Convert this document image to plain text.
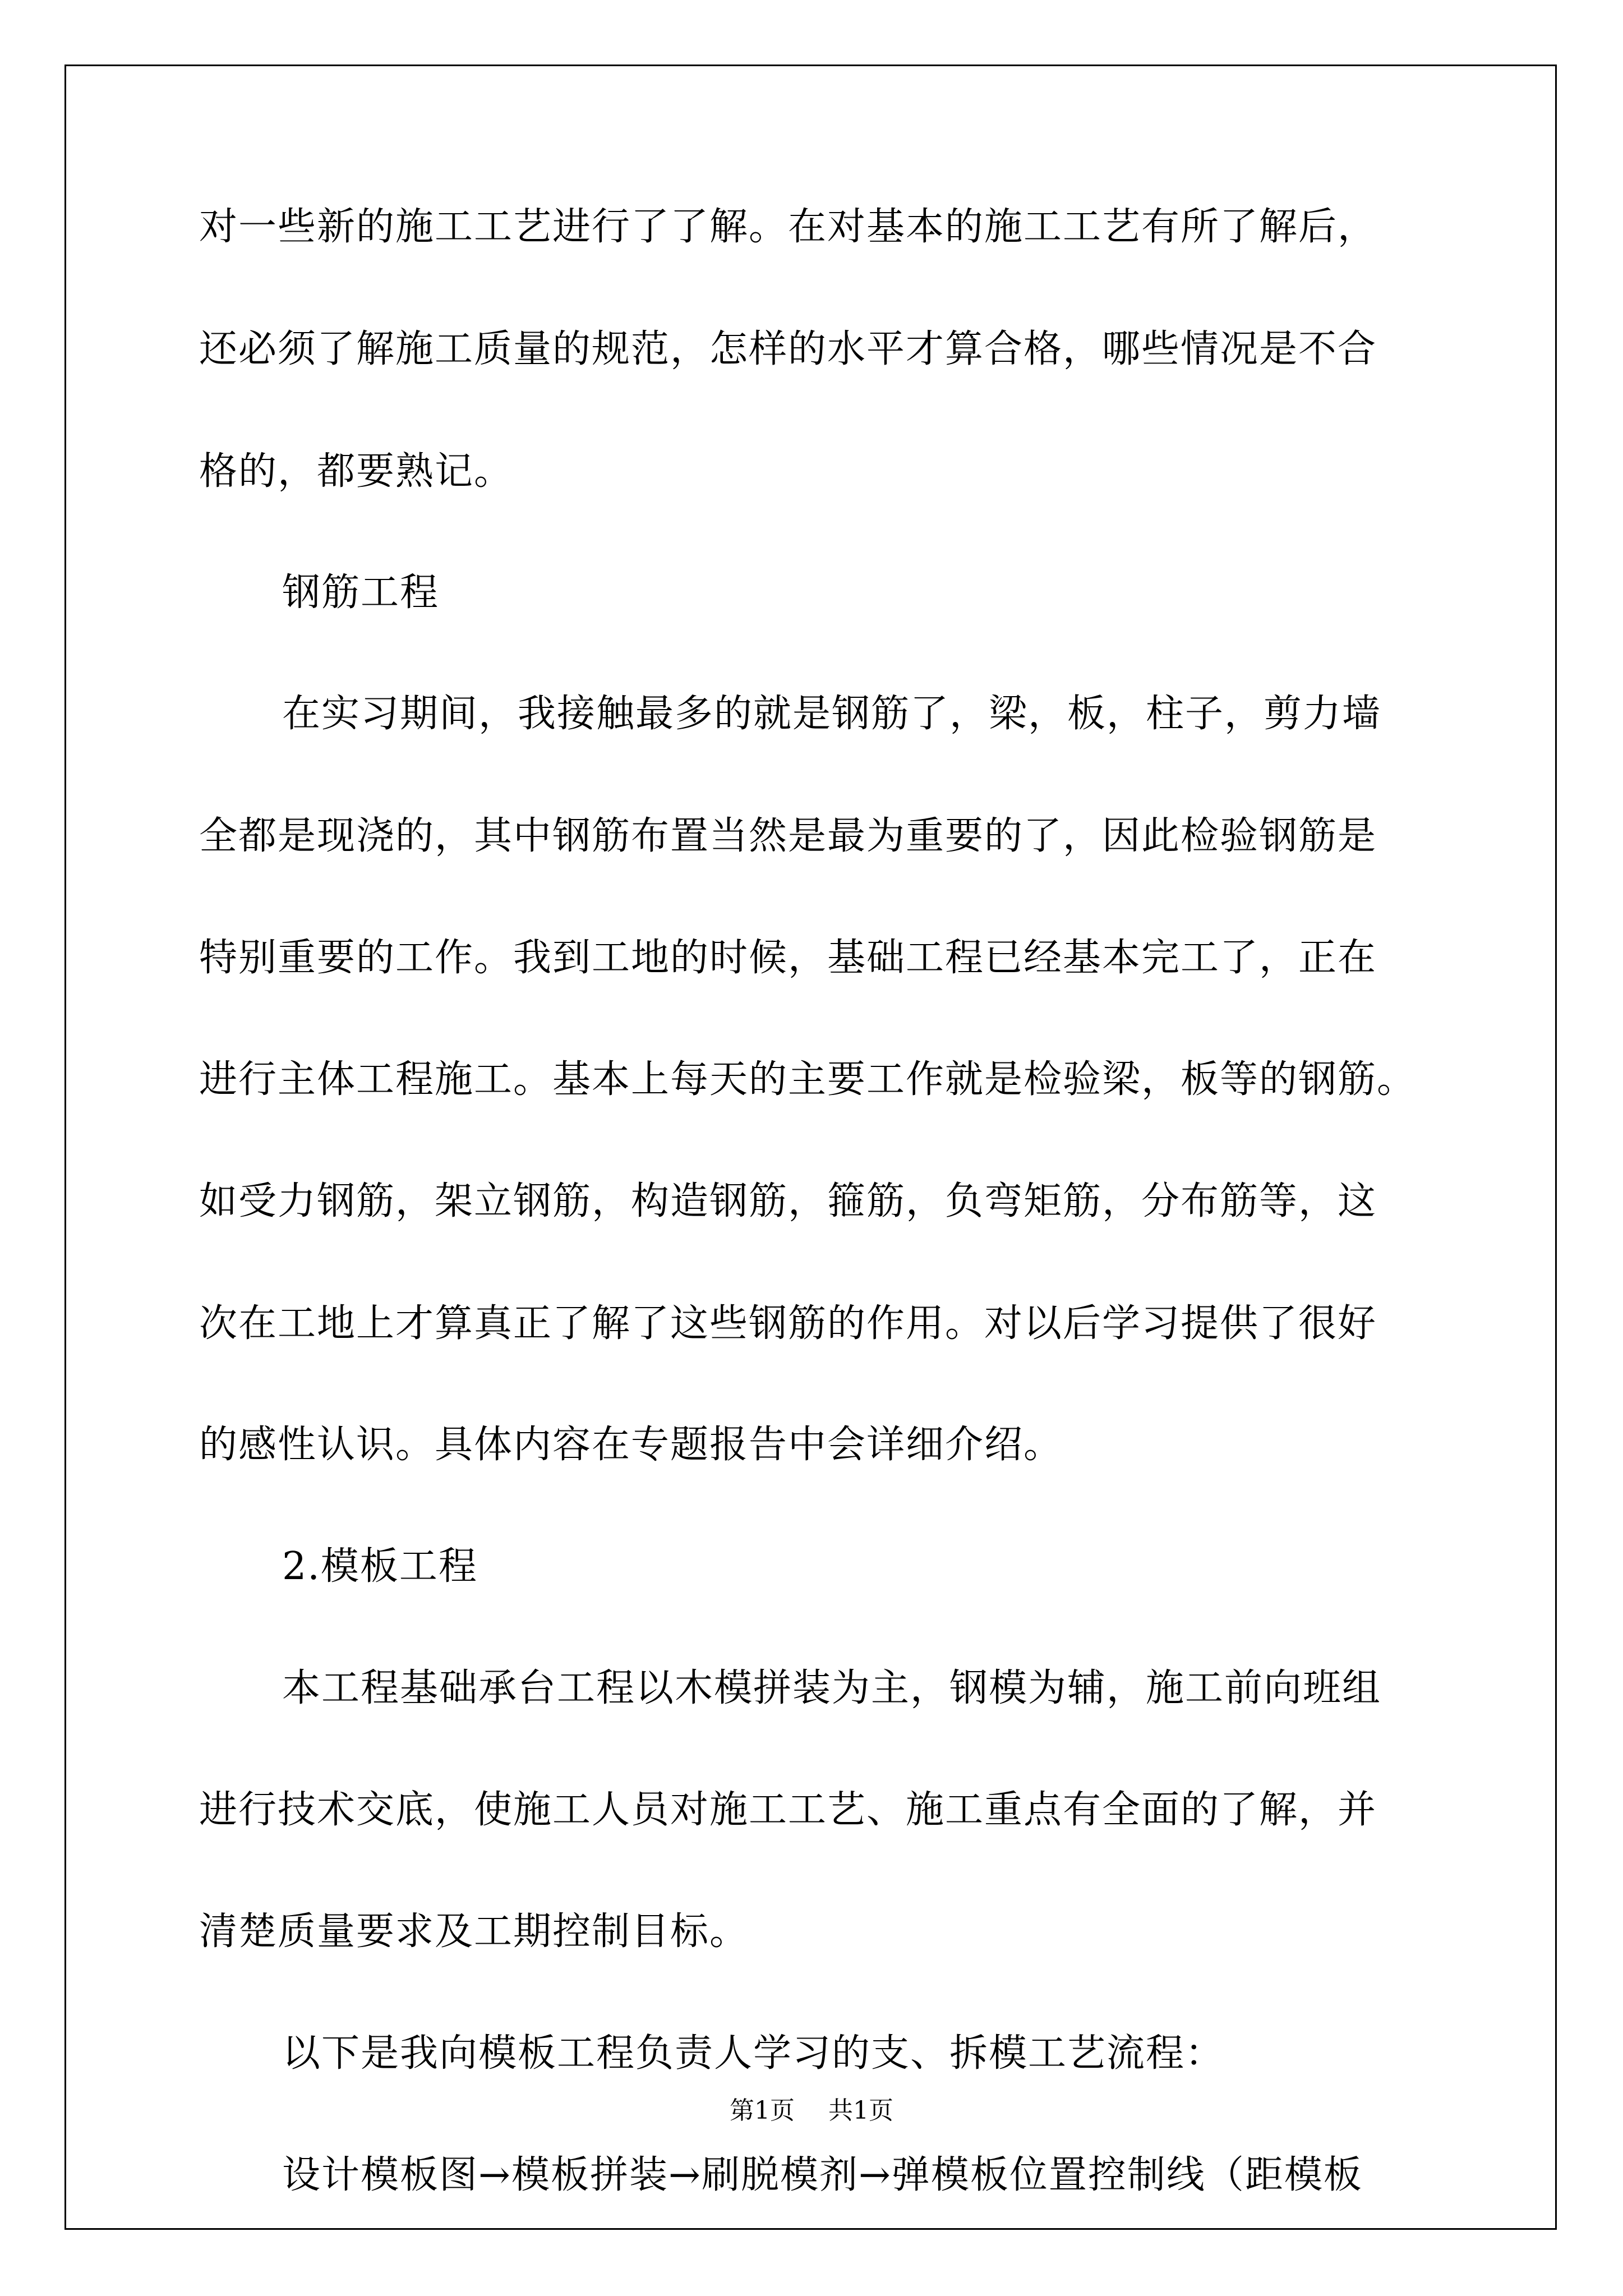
对一些新的施工工艺进行了了解。在对基本的施工工艺有所了解后，
还必须了解施工质量的规范，怎样的水平才算合格，哪些情况是不合
格的，都要熟记。
钢筋工程
在实习期间，我接触最多的就是钢筋了，梁，板，柱子，剪力墙
全都是现浇的，其中钢筋布置当然是最为重要的了，因此检验钢筋是
特别重要的工作。我到工地的时候，基础工程已经基本完工了，正在
进行主体工程施工。基本上每天的主要工作就是检验梁，板等的钢筋。
如受力钢筋，架立钢筋，构造钢筋，箍筋，负弯矩筋，分布筋等，这
次在工地上才算真正了解了这些钢筋的作用。对以后学习提供了很好
的感性认识。具体内容在专题报告中会详细介绍。
2.模板工程
本工程基础承台工程以木模拼装为主，钢模为辅，施工前向班组
进行技术交底，使施工人员对施工工艺、施工重点有全面的了解，并
清楚质量要求及工期控制目标。
以下是我向模板工程负责人学习的支、拆模工艺流程：
设计模板图→模板拼装→刷脱模剂→弹模板位置控制线（距模板
第1页 共1页
